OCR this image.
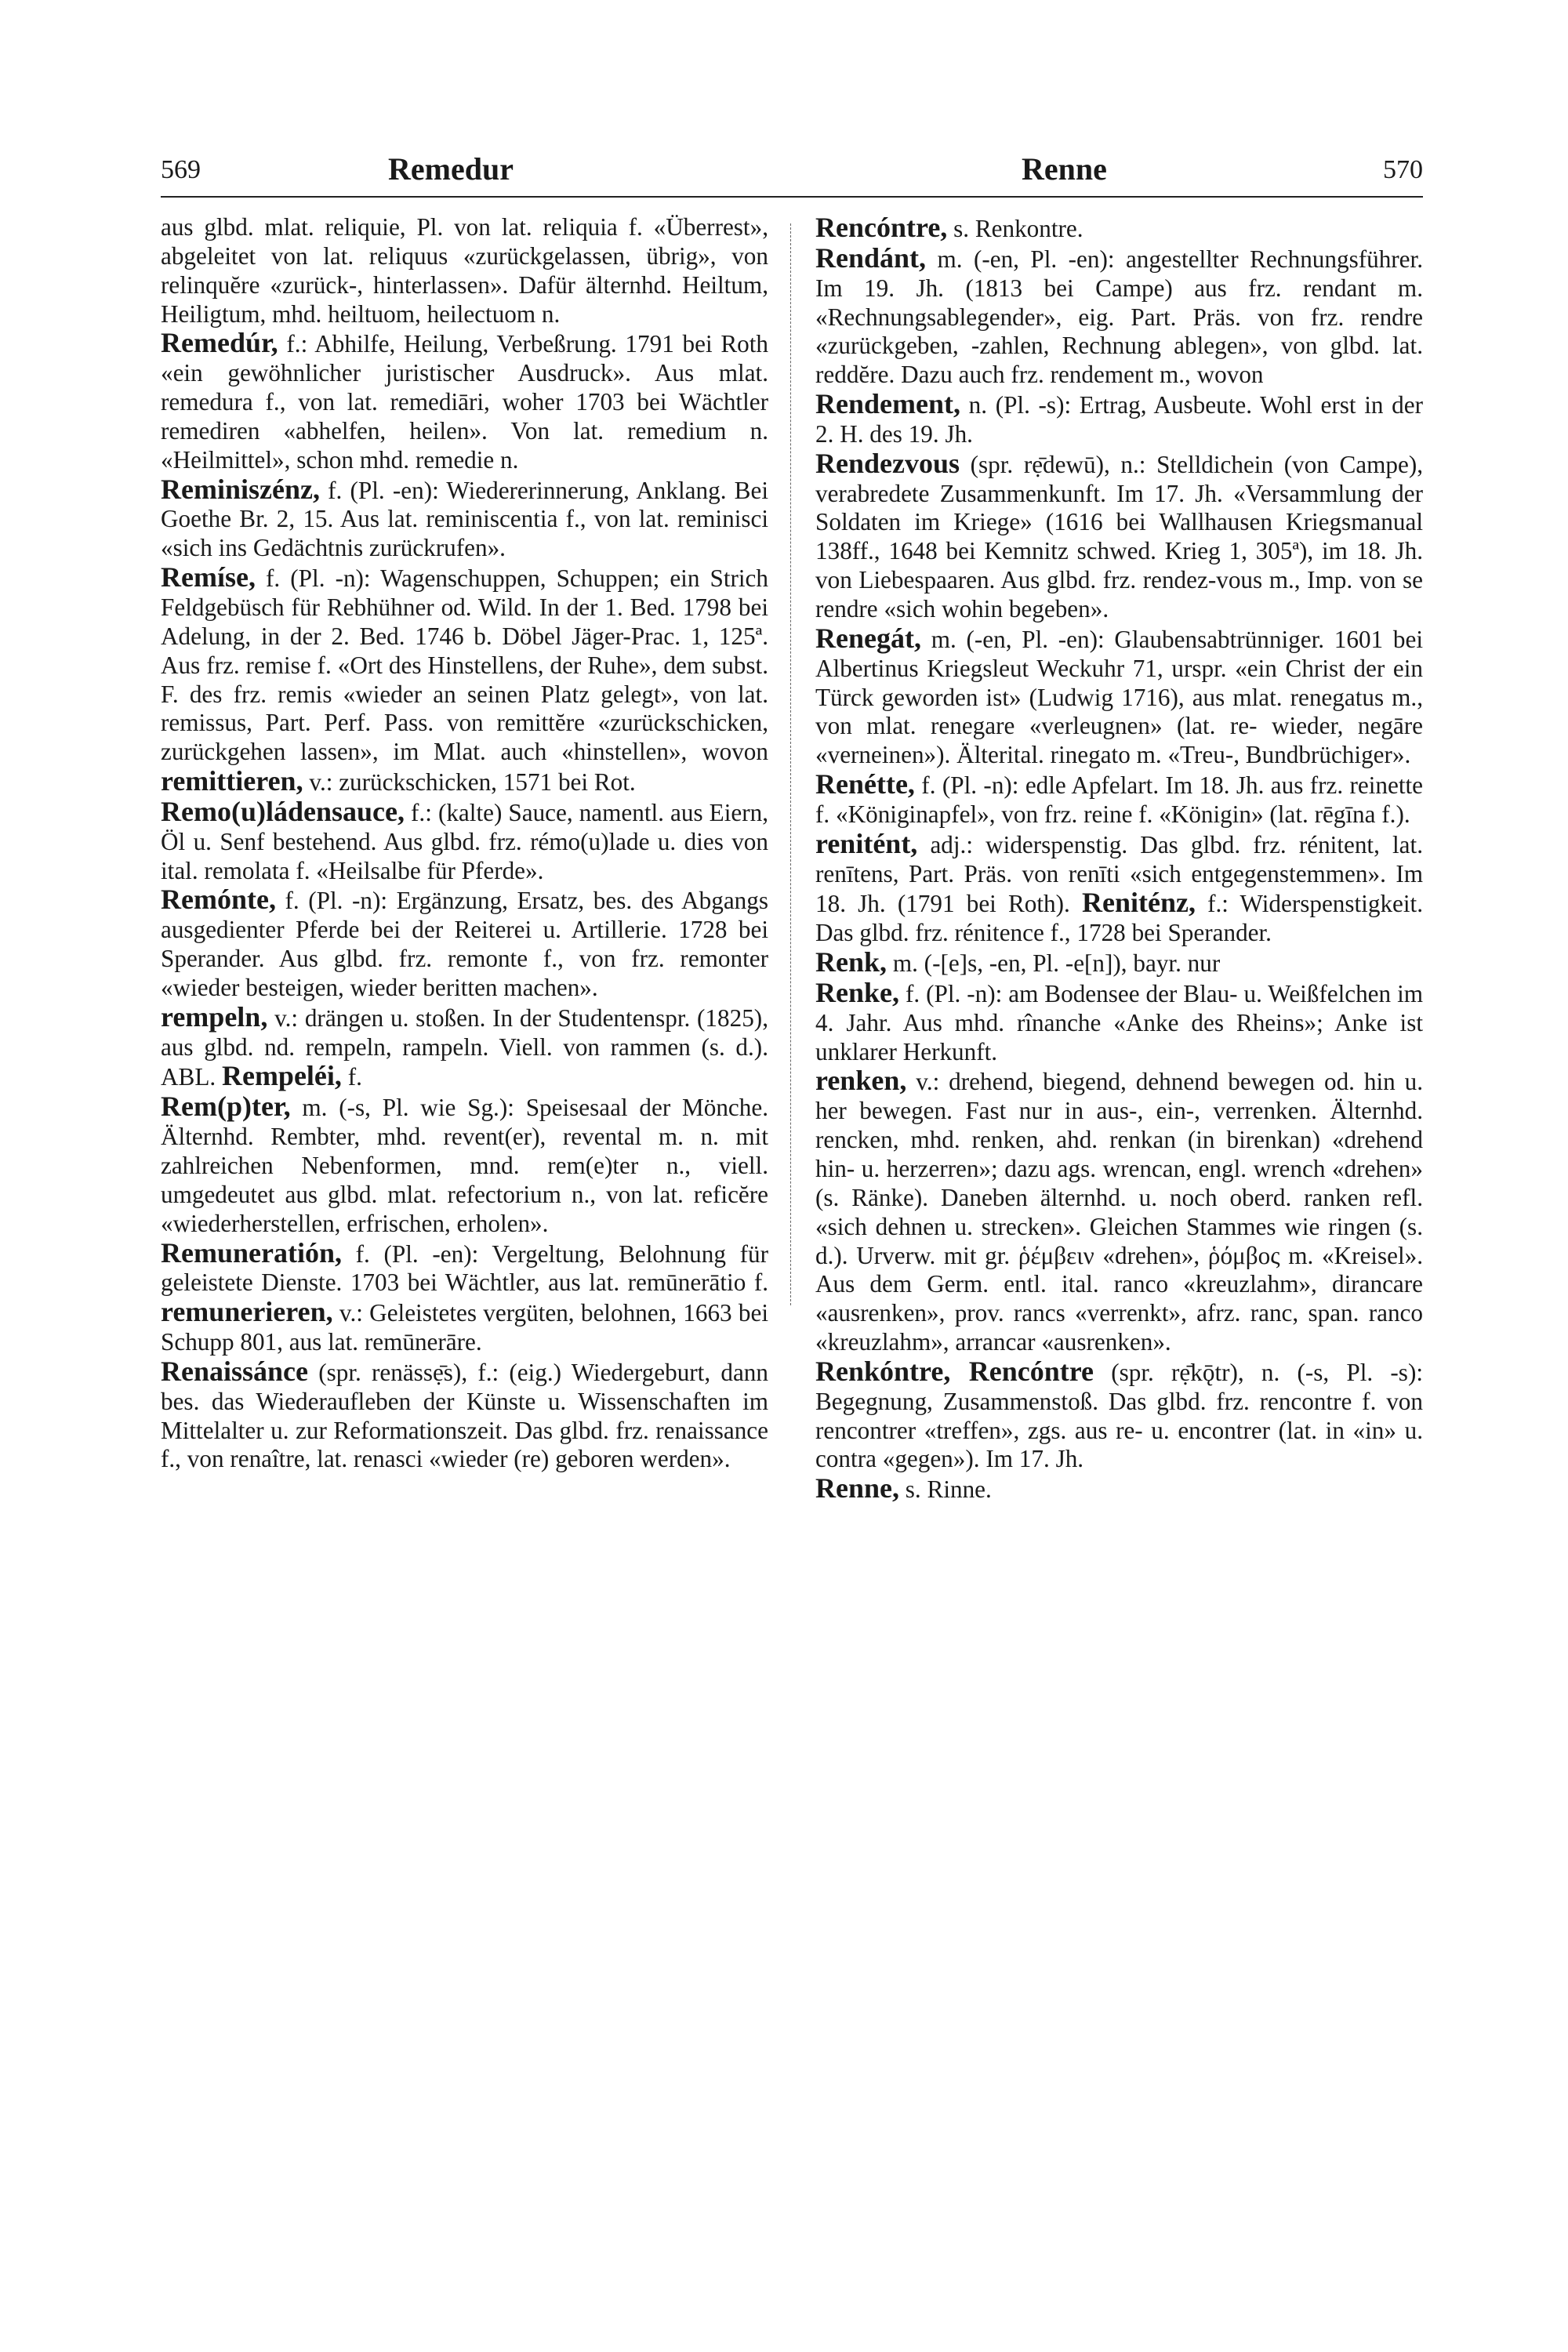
569	Remedur	Renne	570

aus glbd. mlat. reliquie, Pl. von lat. reliquia f. «Überrest», abgeleitet von lat. reliquus «zurückgelassen, übrig», von relinquĕre «zurück-, hinterlassen». Dafür älternhd. Heiltum, Heiligtum, mhd. heiltuom, heilectuom n.

Remedúr, f.: Abhilfe, Heilung, Verbeßrung. 1791 bei Roth «ein gewöhnlicher juristischer Ausdruck». Aus mlat. remedura f., von lat. remediāri, woher 1703 bei Wächtler remediren «abhelfen, heilen». Von lat. remedium n. «Heilmittel», schon mhd. remedie n.

Reminiszénz, f. (Pl. -en): Wiedererinnerung, Anklang. Bei Goethe Br. 2, 15. Aus lat. reminiscentia f., von lat. reminisci «sich ins Gedächtnis zurückrufen».

Remíse, f. (Pl. -n): Wagenschuppen, Schuppen; ein Strich Feldgebüsch für Rebhühner od. Wild. In der 1. Bed. 1798 bei Adelung, in der 2. Bed. 1746 b. Döbel Jäger-Prac. 1, 125ª. Aus frz. remise f. «Ort des Hinstellens, der Ruhe», dem subst. F. des frz. remis «wieder an seinen Platz gelegt», von lat. remissus, Part. Perf. Pass. von remittĕre «zurückschicken, zurückgehen lassen», im Mlat. auch «hinstellen», wovon remittieren, v.: zurückschicken, 1571 bei Rot.

Remo(u)ládensauce, f.: (kalte) Sauce, namentl. aus Eiern, Öl u. Senf bestehend. Aus glbd. frz. rémo(u)lade u. dies von ital. remolata f. «Heilsalbe für Pferde».

Remónte, f. (Pl. -n): Ergänzung, Ersatz, bes. des Abgangs ausgedienter Pferde bei der Reiterei u. Artillerie. 1728 bei Sperander. Aus glbd. frz. remonte f., von frz. remonter «wieder besteigen, wieder beritten machen».

rempeln, v.: drängen u. stoßen. In der Studentenspr. (1825), aus glbd. nd. rempeln, rampeln. Viell. von rammen (s. d.). ABL. Rempeléi, f.

Rem(p)ter, m. (-s, Pl. wie Sg.): Speisesaal der Mönche. Älternhd. Rembter, mhd. revent(er), revental m. n. mit zahlreichen Nebenformen, mnd. rem(e)ter n., viell. umgedeutet aus glbd. mlat. refectorium n., von lat. reficĕre «wiederherstellen, erfrischen, erholen».

Remuneratión, f. (Pl. -en): Vergeltung, Belohnung für geleistete Dienste. 1703 bei Wächtler, aus lat. remūnerātio f. remunerieren, v.: Geleistetes vergüten, belohnen, 1663 bei Schupp 801, aus lat. remūnerāre.

Renaissánce (spr. renässẹ̄s), f.: (eig.) Wiedergeburt, dann bes. das Wiederaufleben der Künste u. Wissenschaften im Mittelalter u. zur Reformationszeit. Das glbd. frz. renaissance f., von renaître, lat. renasci «wieder (re) geboren werden».

Rencóntre, s. Renkontre.

Rendánt, m. (-en, Pl. -en): angestellter Rechnungsführer. Im 19. Jh. (1813 bei Campe) aus frz. rendant m. «Rechnungsablegender», eig. Part. Präs. von frz. rendre «zurückgeben, -zahlen, Rechnung ablegen», von glbd. lat. reddĕre. Dazu auch frz. rendement m., wovon

Rendement, n. (Pl. -s): Ertrag, Ausbeute. Wohl erst in der 2. H. des 19. Jh.

Rendezvous (spr. rẹ̄dewū), n.: Stelldichein (von Campe), verabredete Zusammenkunft. Im 17. Jh. «Versammlung der Soldaten im Kriege» (1616 bei Wallhausen Kriegsmanual 138ff., 1648 bei Kemnitz schwed. Krieg 1, 305ª), im 18. Jh. von Liebespaaren. Aus glbd. frz. rendez-vous m., Imp. von se rendre «sich wohin begeben».

Renegát, m. (-en, Pl. -en): Glaubensabtrünniger. 1601 bei Albertinus Kriegsleut Weckuhr 71, urspr. «ein Christ der ein Türck geworden ist» (Ludwig 1716), aus mlat. renegatus m., von mlat. renegare «verleugnen» (lat. re- wieder, negāre «verneinen»). Älterital. rinegato m. «Treu-, Bundbrüchiger».

Renétte, f. (Pl. -n): edle Apfelart. Im 18. Jh. aus frz. reinette f. «Königinapfel», von frz. reine f. «Königin» (lat. rēgīna f.).

renitént, adj.: widerspenstig. Das glbd. frz. rénitent, lat. renītens, Part. Präs. von renīti «sich entgegenstemmen». Im 18. Jh. (1791 bei Roth). Reniténz, f.: Widerspenstigkeit. Das glbd. frz. rénitence f., 1728 bei Sperander.

Renk, m. (-[e]s, -en, Pl. -e[n]), bayr. nur

Renke, f. (Pl. -n): am Bodensee der Blau- u. Weißfelchen im 4. Jahr. Aus mhd. rînanche «Anke des Rheins»; Anke ist unklarer Herkunft.

renken, v.: drehend, biegend, dehnend bewegen od. hin u. her bewegen. Fast nur in aus-, ein-, verrenken. Älternhd. rencken, mhd. renken, ahd. renkan (in birenkan) «drehend hin- u. herzerren»; dazu ags. wrencan, engl. wrench «drehen» (s. Ränke). Daneben älternhd. u. noch oberd. ranken refl. «sich dehnen u. strecken». Gleichen Stammes wie ringen (s. d.). Urverw. mit gr. ῥέμβειν «drehen», ῥόμβος m. «Kreisel». Aus dem Germ. entl. ital. ranco «kreuzlahm», dirancare «ausrenken», prov. rancs «verrenkt», afrz. ranc, span. ranco «kreuzlahm», arrancar «ausrenken».

Renkóntre, Rencóntre (spr. rẹ̄kǭtr), n. (-s, Pl. -s): Begegnung, Zusammenstoß. Das glbd. frz. rencontre f. von rencontrer «treffen», zgs. aus re- u. encontrer (lat. in «in» u. contra «gegen»). Im 17. Jh.

Renne, s. Rinne.
